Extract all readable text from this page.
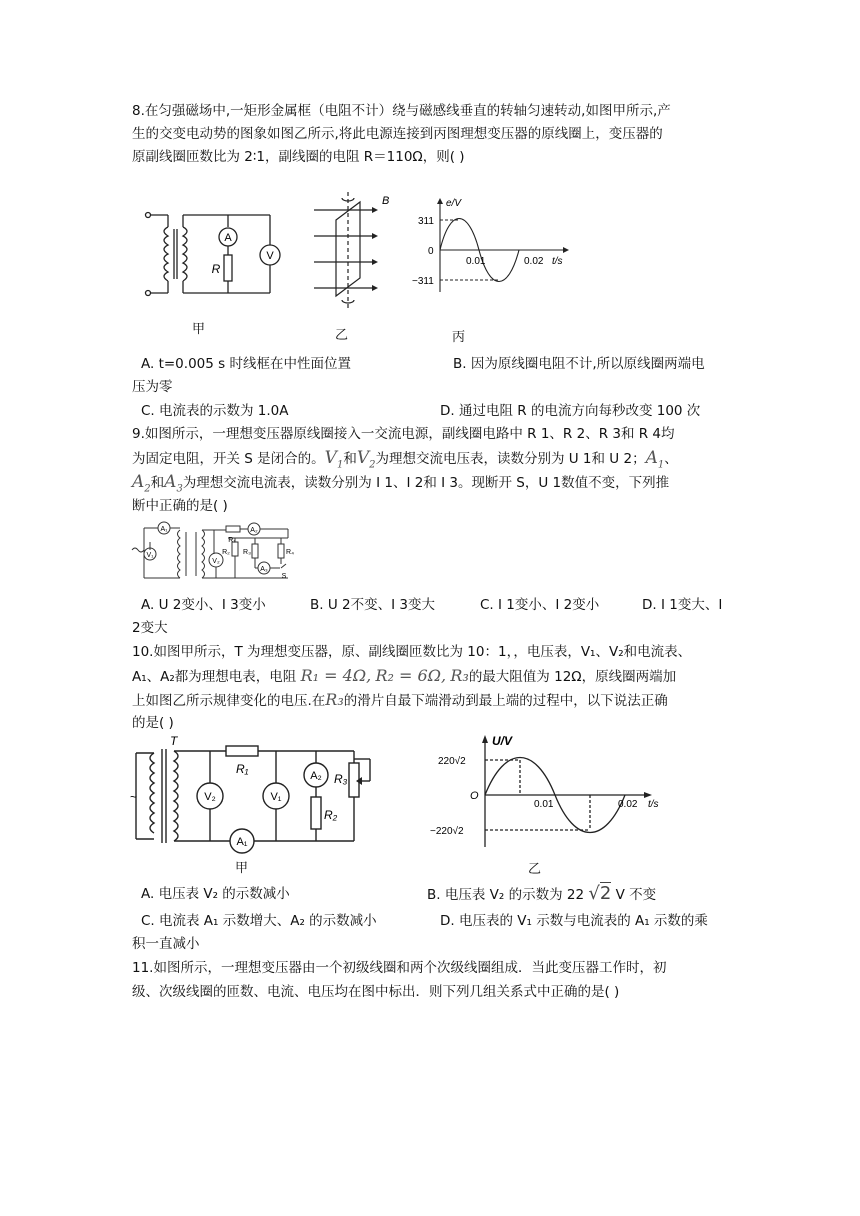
8.在匀强磁场中,一矩形金属框（电阻不计）绕与磁感线垂直的转轴匀速转动,如图甲所示,产
生的交变电动势的图象如图乙所示,将此电源连接到丙图理想变压器的原线圈上，变压器的
原副线圈匝数比为 2∶1，副线圈的电阻 R＝110Ω，则( )
A
V
R
B	e/V
311
0
−311
0.01	0.02 t/s
甲	乙	丙
A. t=0.005 s 时线框在中性面位置	B. 因为原线圈电阻不计,所以原线圈两端电
压为零
C. 电流表的示数为 1.0A	D. 通过电阻 R 的电流方向每秒改变 100 次
9.如图所示，一理想变压器原线圈接入一交流电源，副线圈电路中 R 1、R 2、R 3和 R 4均
为固定电阻，开关 S 是闭合的。$V_1$和$V_2$为理想交流电压表，读数分别为 U 1和 U 2；$A_1$、
$A_2$和$A_3$为理想交流电流表，读数分别为 I 1、I 2和 I 3。现断开 S，U 1数值不变，下列推
断中正确的是( )
A₁
V₁
A₂
R₁
R₂ R₃	R₄
V₂
A₃
S
A. U 2变小、I 3变小	B. U 2不变、I 3变大	C. I 1变小、I 2变小	D. I 1变大、I
2变大
10.如图甲所示，T 为理想变压器，原、副线圈匝数比为 10：1，，电压表，V₁、V₂和电流表、
A₁、A₂都为理想电表，电阻 R₁ = 4Ω, R₂ = 6Ω, R₃的最大阻值为 12Ω，原线圈两端加
上如图乙所示规律变化的电压.在R₃的滑片自最下端滑动到最上端的过程中，以下说法正确
的是( )
T
~
R₁
V₂	V₁
A₂
R₂
R₃
A₁
U/V
220√2
O
−220√2
0.01	0.02 t/s
甲	乙
A. 电压表 V₂ 的示数减小	B. 电压表 V₂ 的示数为 22 √2 V 不变
C. 电流表 A₁ 示数增大、A₂ 的示数减小	D. 电压表的 V₁ 示数与电流表的 A₁ 示数的乘
积一直减小
11.如图所示，一理想变压器由一个初级线圈和两个次级线圈组成．当此变压器工作时，初
级、次级线圈的匝数、电流、电压均在图中标出．则下列几组关系式中正确的是( )
